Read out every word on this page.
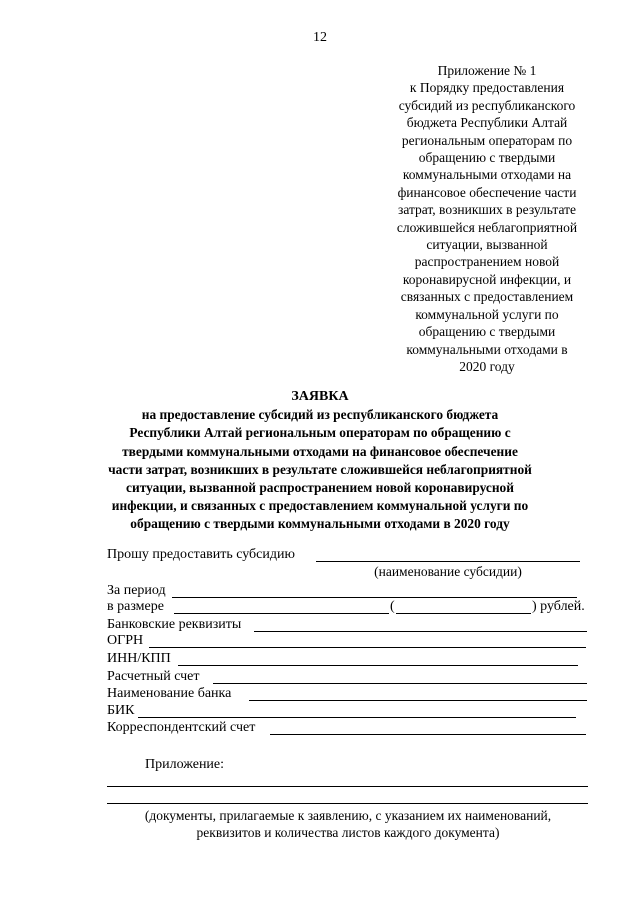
12
Приложение № 1
к Порядку предоставления
субсидий из республиканского
бюджета Республики Алтай
региональным операторам по
обращению с твердыми
коммунальными отходами на
финансовое обеспечение части
затрат, возникших в результате
сложившейся неблагоприятной
ситуации, вызванной
распространением новой
коронавирусной инфекции, и
связанных с предоставлением
коммунальной услуги по
обращению с твердыми
коммунальными отходами в
2020 году
ЗАЯВКА
на предоставление субсидий из республиканского бюджета
Республики Алтай региональным операторам по обращению с
твердыми коммунальными отходами на финансовое обеспечение
части затрат, возникших в результате сложившейся неблагоприятной
ситуации, вызванной распространением новой коронавирусной
инфекции, и связанных с предоставлением коммунальной услуги по
обращению с твердыми коммунальными отходами в 2020 году
Прошу предоставить субсидию
(наименование субсидии)
За период
в размере	(	) рублей.
Банковские реквизиты
ОГРН
ИНН/КПП
Расчетный счет
Наименование банка
БИК
Корреспондентский счет
Приложение:
(документы, прилагаемые к заявлению, с указанием их наименований,
реквизитов и количества листов каждого документа)
